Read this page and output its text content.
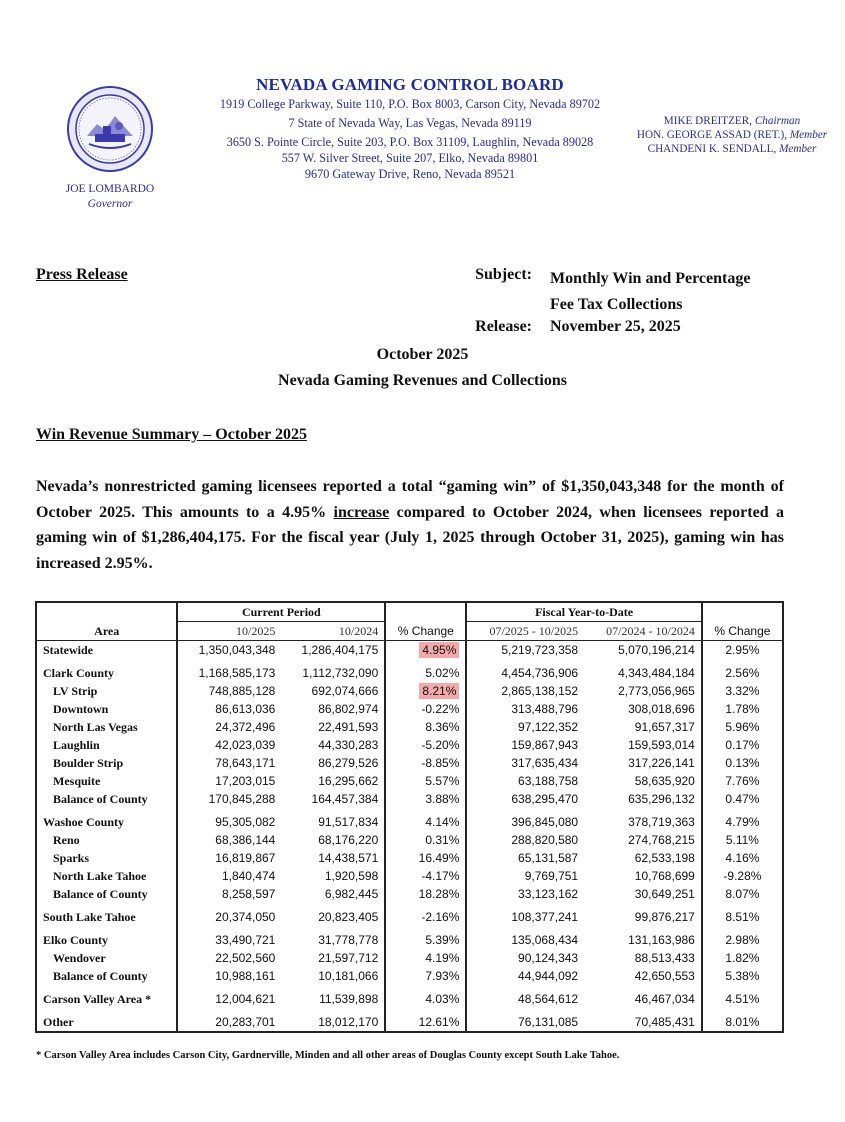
JOE LOMBARDO
Governor
NEVADA GAMING CONTROL BOARD
1919 College Parkway, Suite 110, P.O. Box 8003, Carson City, Nevada 89702
7 State of Nevada Way, Las Vegas, Nevada 89119
3650 S. Pointe Circle, Suite 203, P.O. Box 31109, Laughlin, Nevada 89028
557 W. Silver Street, Suite 207, Elko, Nevada 89801
9670 Gateway Drive, Reno, Nevada 89521
MIKE DREITZER, Chairman
HON. GEORGE ASSAD (RET.), Member
CHANDENI K. SENDALL, Member
Press Release	Subject: Monthly Win and Percentage
Fee Tax Collections
Release: November 25, 2025
October 2025
Nevada Gaming Revenues and Collections
Win Revenue Summary – October 2025
Nevada’s nonrestricted gaming licensees reported a total “gaming win” of $1,350,043,348 for the month of October 2025. This amounts to a 4.95% increase compared to October 2024, when licensees reported a gaming win of $1,286,404,175. For the fiscal year (July 1, 2025 through October 31, 2025), gaming win has increased 2.95%.
Area	Current Period		% Change	Fiscal Year-to-Date		% Change
	10/2025	10/2024		07/2025 - 10/2025	07/2024 - 10/2024	
Statewide	1,350,043,348	1,286,404,175	4.95%	5,219,723,358	5,070,196,214	2.95%
Clark County	1,168,585,173	1,112,732,090	5.02%	4,454,736,906	4,343,484,184	2.56%
LV Strip	748,885,128	692,074,666	8.21%	2,865,138,152	2,773,056,965	3.32%
Downtown	86,613,036	86,802,974	-0.22%	313,488,796	308,018,696	1.78%
North Las Vegas	24,372,496	22,491,593	8.36%	97,122,352	91,657,317	5.96%
Laughlin	42,023,039	44,330,283	-5.20%	159,867,943	159,593,014	0.17%
Boulder Strip	78,643,171	86,279,526	-8.85%	317,635,434	317,226,141	0.13%
Mesquite	17,203,015	16,295,662	5.57%	63,188,758	58,635,920	7.76%
Balance of County	170,845,288	164,457,384	3.88%	638,295,470	635,296,132	0.47%
Washoe County	95,305,082	91,517,834	4.14%	396,845,080	378,719,363	4.79%
Reno	68,386,144	68,176,220	0.31%	288,820,580	274,768,215	5.11%
Sparks	16,819,867	14,438,571	16.49%	65,131,587	62,533,198	4.16%
North Lake Tahoe	1,840,474	1,920,598	-4.17%	9,769,751	10,768,699	-9.28%
Balance of County	8,258,597	6,982,445	18.28%	33,123,162	30,649,251	8.07%
South Lake Tahoe	20,374,050	20,823,405	-2.16%	108,377,241	99,876,217	8.51%
Elko County	33,490,721	31,778,778	5.39%	135,068,434	131,163,986	2.98%
Wendover	22,502,560	21,597,712	4.19%	90,124,343	88,513,433	1.82%
Balance of County	10,988,161	10,181,066	7.93%	44,944,092	42,650,553	5.38%
Carson Valley Area *	12,004,621	11,539,898	4.03%	48,564,612	46,467,034	4.51%
Other	20,283,701	18,012,170	12.61%	76,131,085	70,485,431	8.01%
* Carson Valley Area includes Carson City, Gardnerville, Minden and all other areas of Douglas County except South Lake Tahoe.
